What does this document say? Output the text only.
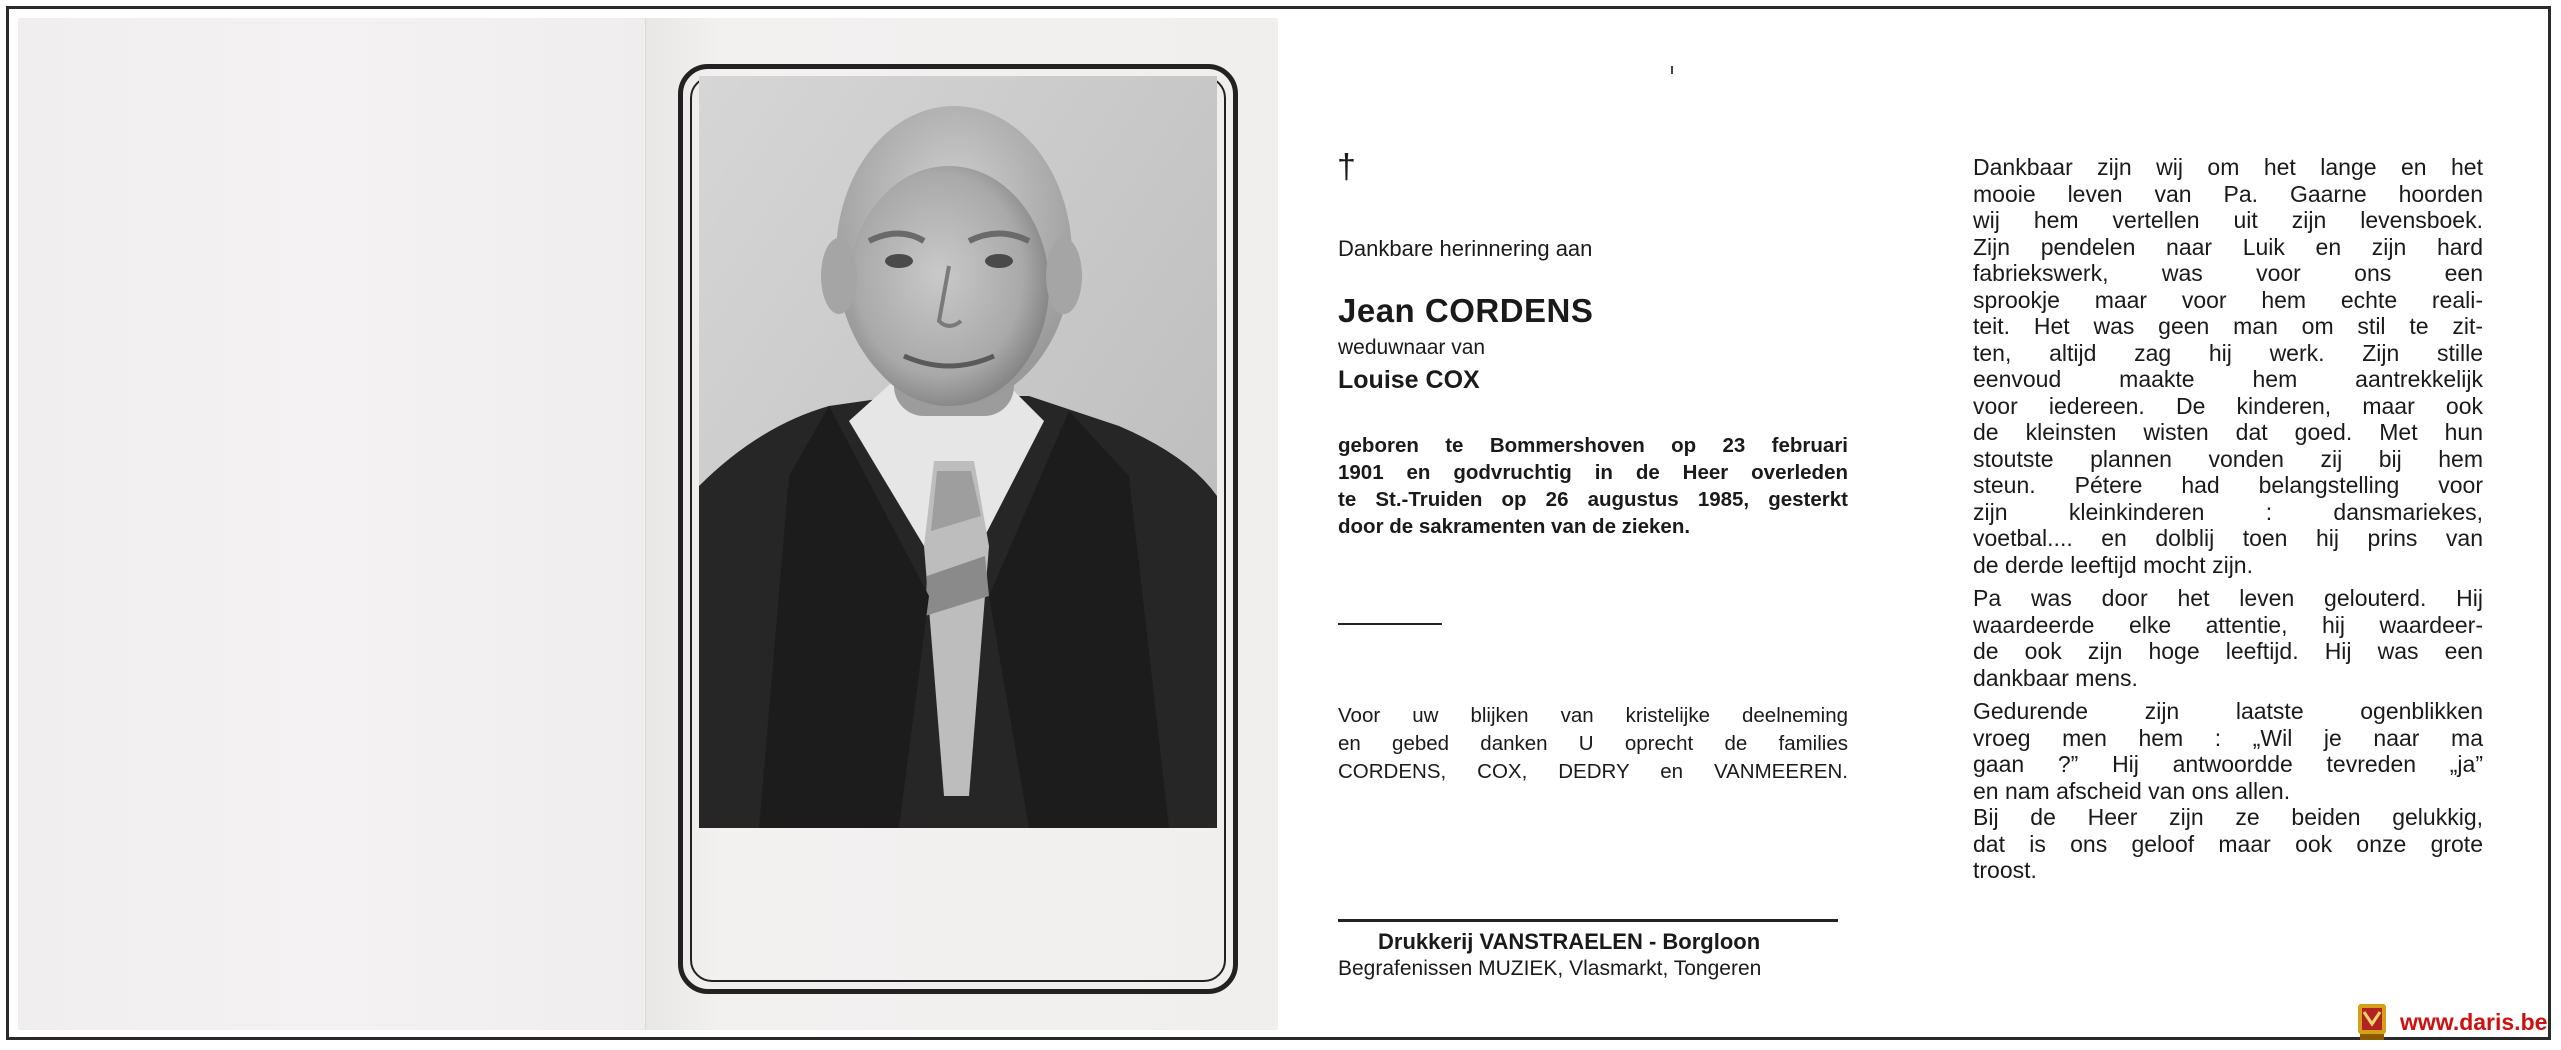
†

Dankbare herinnering aan

Jean CORDENS

weduwnaar van

Louise COX

geboren te Bommershoven op 23 februari
1901 en godvruchtig in de Heer overleden
te St.-Truiden op 26 augustus 1985, gesterkt
door de sakramenten van de zieken.
Voor uw blijken van kristelijke deelneming
en gebed danken U oprecht de families
CORDENS, COX, DEDRY en VANMEEREN.

Drukkerij VANSTRAELEN - Borgloon

Begrafenissen MUZIEK, Vlasmarkt, Tongeren

Dankbaar zijn wij om het lange en het
mooie leven van Pa. Gaarne hoorden
wij hem vertellen uit zijn levensboek.
Zijn pendelen naar Luik en zijn hard
fabriekswerk, was voor ons een
sprookje maar voor hem echte reali-
teit. Het was geen man om stil te zit-
ten, altijd zag hij werk. Zijn stille
eenvoud maakte hem aantrekkelijk
voor iedereen. De kinderen, maar ook
de kleinsten wisten dat goed. Met hun
stoutste plannen vonden zij bij hem
steun. Pétere had belangstelling voor
zijn kleinkinderen : dansmariekes,
voetbal.... en dolblij toen hij prins van
de derde leeftijd mocht zijn.
Pa was door het leven gelouterd. Hij
waardeerde elke attentie, hij waardeer-
de ook zijn hoge leeftijd. Hij was een
dankbaar mens.
Gedurende zijn laatste ogenblikken
vroeg men hem : „Wil je naar ma
gaan ?” Hij antwoordde tevreden „ja”
en nam afscheid van ons allen.
Bij de Heer zijn ze beiden gelukkig,
dat is ons geloof maar ook onze grote
troost.

www.daris.be
